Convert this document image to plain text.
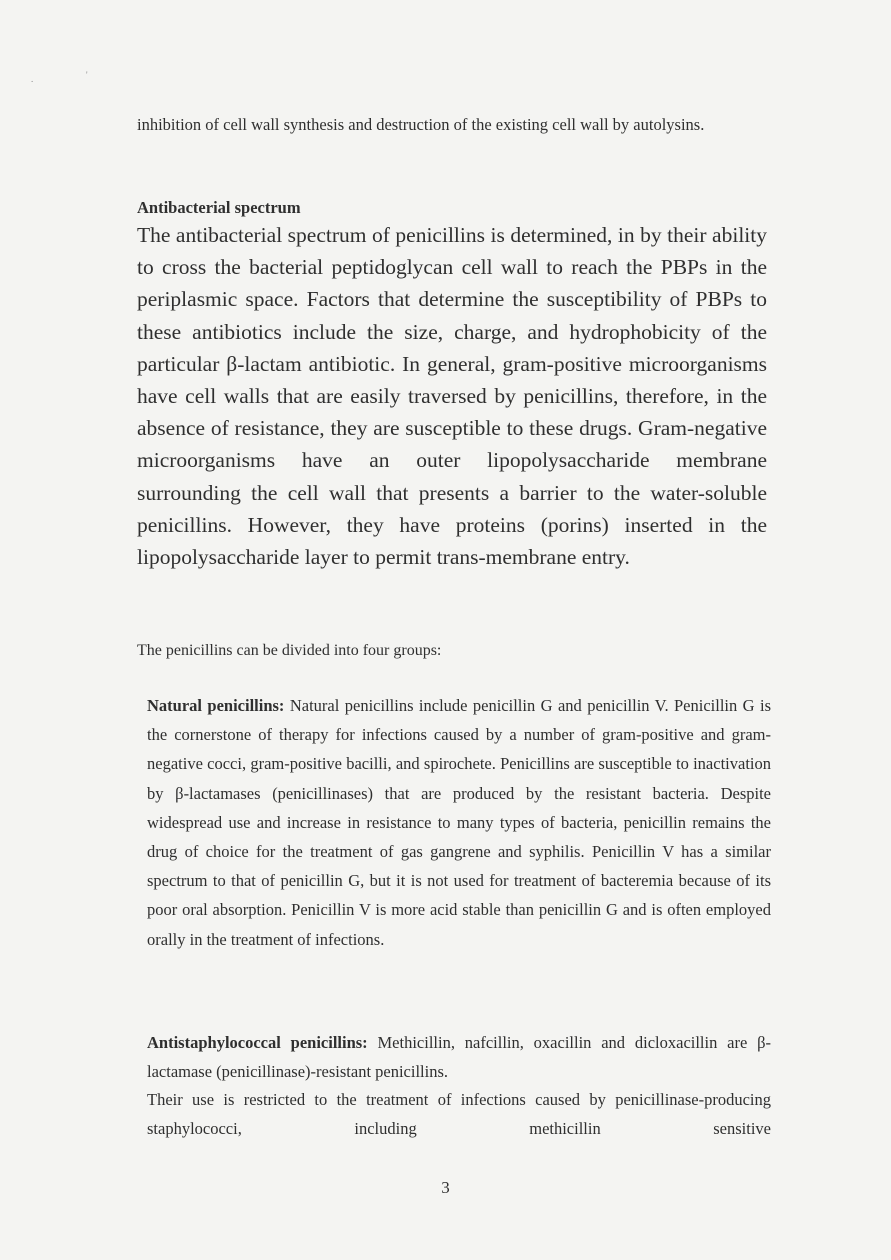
.	'

inhibition of cell wall synthesis and destruction of the existing cell wall by autolysins.

Antibacterial spectrum

The antibacterial spectrum of penicillins is determined, in by their ability to cross the bacterial peptidoglycan cell wall to reach the PBPs in the periplasmic space. Factors that determine the susceptibility of PBPs to these antibiotics include the size, charge, and hydrophobicity of the particular β-lactam antibiotic. In general, gram-positive microorganisms have cell walls that are easily traversed by penicillins, therefore, in the absence of resistance, they are susceptible to these drugs. Gram-negative microorganisms have an outer lipopolysaccharide membrane surrounding the cell wall that presents a barrier to the water-soluble penicillins. However, they have proteins (porins) inserted in the lipopolysaccharide layer to permit trans-membrane entry.

The penicillins can be divided into four groups:

Natural penicillins: Natural penicillins include penicillin G and penicillin V. Penicillin G is the cornerstone of therapy for infections caused by a number of gram-positive and gram-negative cocci, gram-positive bacilli, and spirochete. Penicillins are susceptible to inactivation by β-lactamases (penicillinases) that are produced by the resistant bacteria. Despite widespread use and increase in resistance to many types of bacteria, penicillin remains the drug of choice for the treatment of gas gangrene and syphilis. Penicillin V has a similar spectrum to that of penicillin G, but it is not used for treatment of bacteremia because of its poor oral absorption. Penicillin V is more acid stable than penicillin G and is often employed orally in the treatment of infections.

Antistaphylococcal penicillins: Methicillin, nafcillin, oxacillin and dicloxacillin are β-lactamase (penicillinase)-resistant penicillins.

Their use is restricted to the treatment of infections caused by penicillinase-producing staphylococci, including methicillin sensitive

3
